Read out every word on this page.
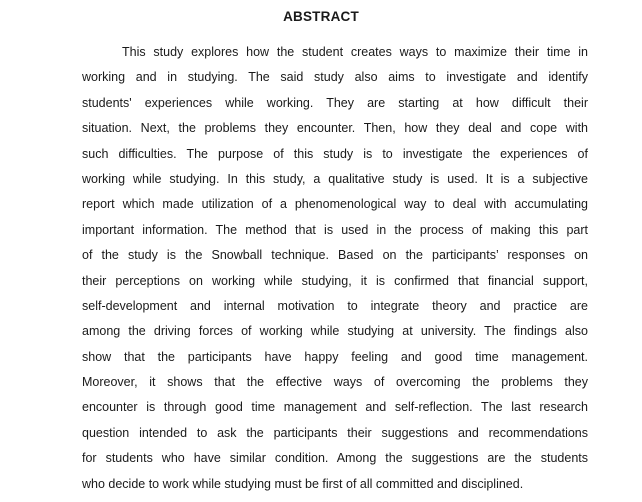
ABSTRACT
This study explores how the student creates ways to maximize their time in
working and in studying. The said study also aims to investigate and identify
students' experiences while working. They are starting at how difficult their
situation. Next, the problems they encounter. Then, how they deal and cope with
such difficulties. The purpose of this study is to investigate the experiences of
working while studying. In this study, a qualitative study is used. It is a subjective
report which made utilization of a phenomenological way to deal with accumulating
important information. The method that is used in the process of making this part
of the study is the Snowball technique. Based on the participants’ responses on
their perceptions on working while studying, it is confirmed that financial support,
self-development and internal motivation to integrate theory and practice are
among the driving forces of working while studying at university. The findings also
show that the participants have happy feeling and good time management.
Moreover, it shows that the effective ways of overcoming the problems they
encounter is through good time management and self-reflection. The last research
question intended to ask the participants their suggestions and recommendations
for students who have similar condition. Among the suggestions are the students
who decide to work while studying must be first of all committed and disciplined.
